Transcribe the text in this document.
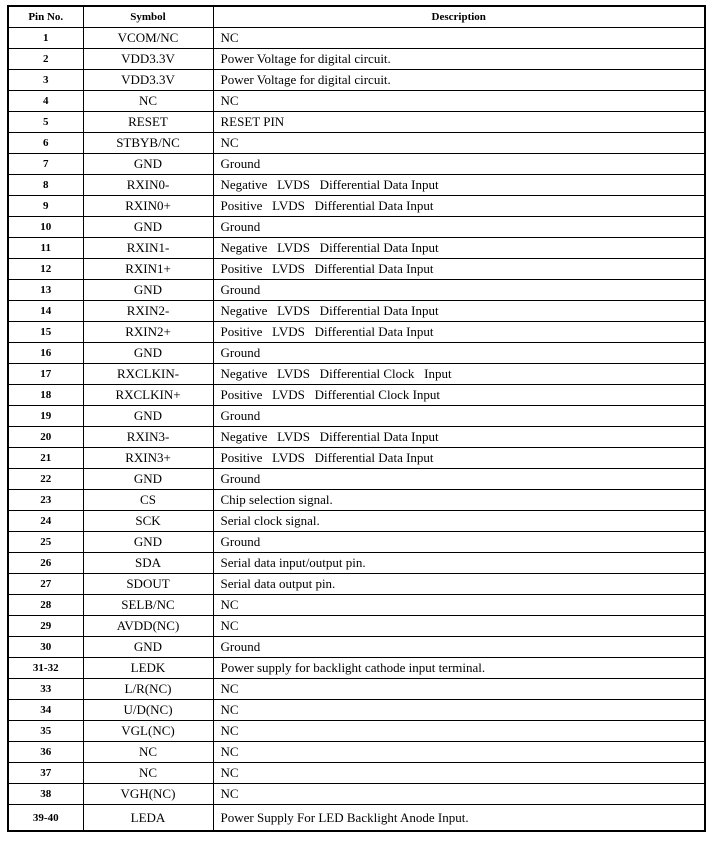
Pin No.	Symbol	Description
1	VCOM/NC	NC
2	VDD3.3V	Power Voltage for digital circuit.
3	VDD3.3V	Power Voltage for digital circuit.
4	NC	NC
5	RESET	RESET PIN
6	STBYB/NC	NC
7	GND	Ground
8	RXIN0-	Negative   LVDS   Differential Data Input
9	RXIN0+	Positive   LVDS   Differential Data Input
10	GND	Ground
11	RXIN1-	Negative   LVDS   Differential Data Input
12	RXIN1+	Positive   LVDS   Differential Data Input
13	GND	Ground
14	RXIN2-	Negative   LVDS   Differential Data Input
15	RXIN2+	Positive   LVDS   Differential Data Input
16	GND	Ground
17	RXCLKIN-	Negative   LVDS   Differential Clock   Input
18	RXCLKIN+	Positive   LVDS   Differential Clock Input
19	GND	Ground
20	RXIN3-	Negative   LVDS   Differential Data Input
21	RXIN3+	Positive   LVDS   Differential Data Input
22	GND	Ground
23	CS	Chip selection signal.
24	SCK	Serial clock signal.
25	GND	Ground
26	SDA	Serial data input/output pin.
27	SDOUT	Serial data output pin.
28	SELB/NC	NC
29	AVDD(NC)	NC
30	GND	Ground
31-32	LEDK	Power supply for backlight cathode input terminal.
33	L/R(NC)	NC
34	U/D(NC)	NC
35	VGL(NC)	NC
36	NC	NC
37	NC	NC
38	VGH(NC)	NC
39-40	LEDA	Power Supply For LED Backlight Anode Input.
